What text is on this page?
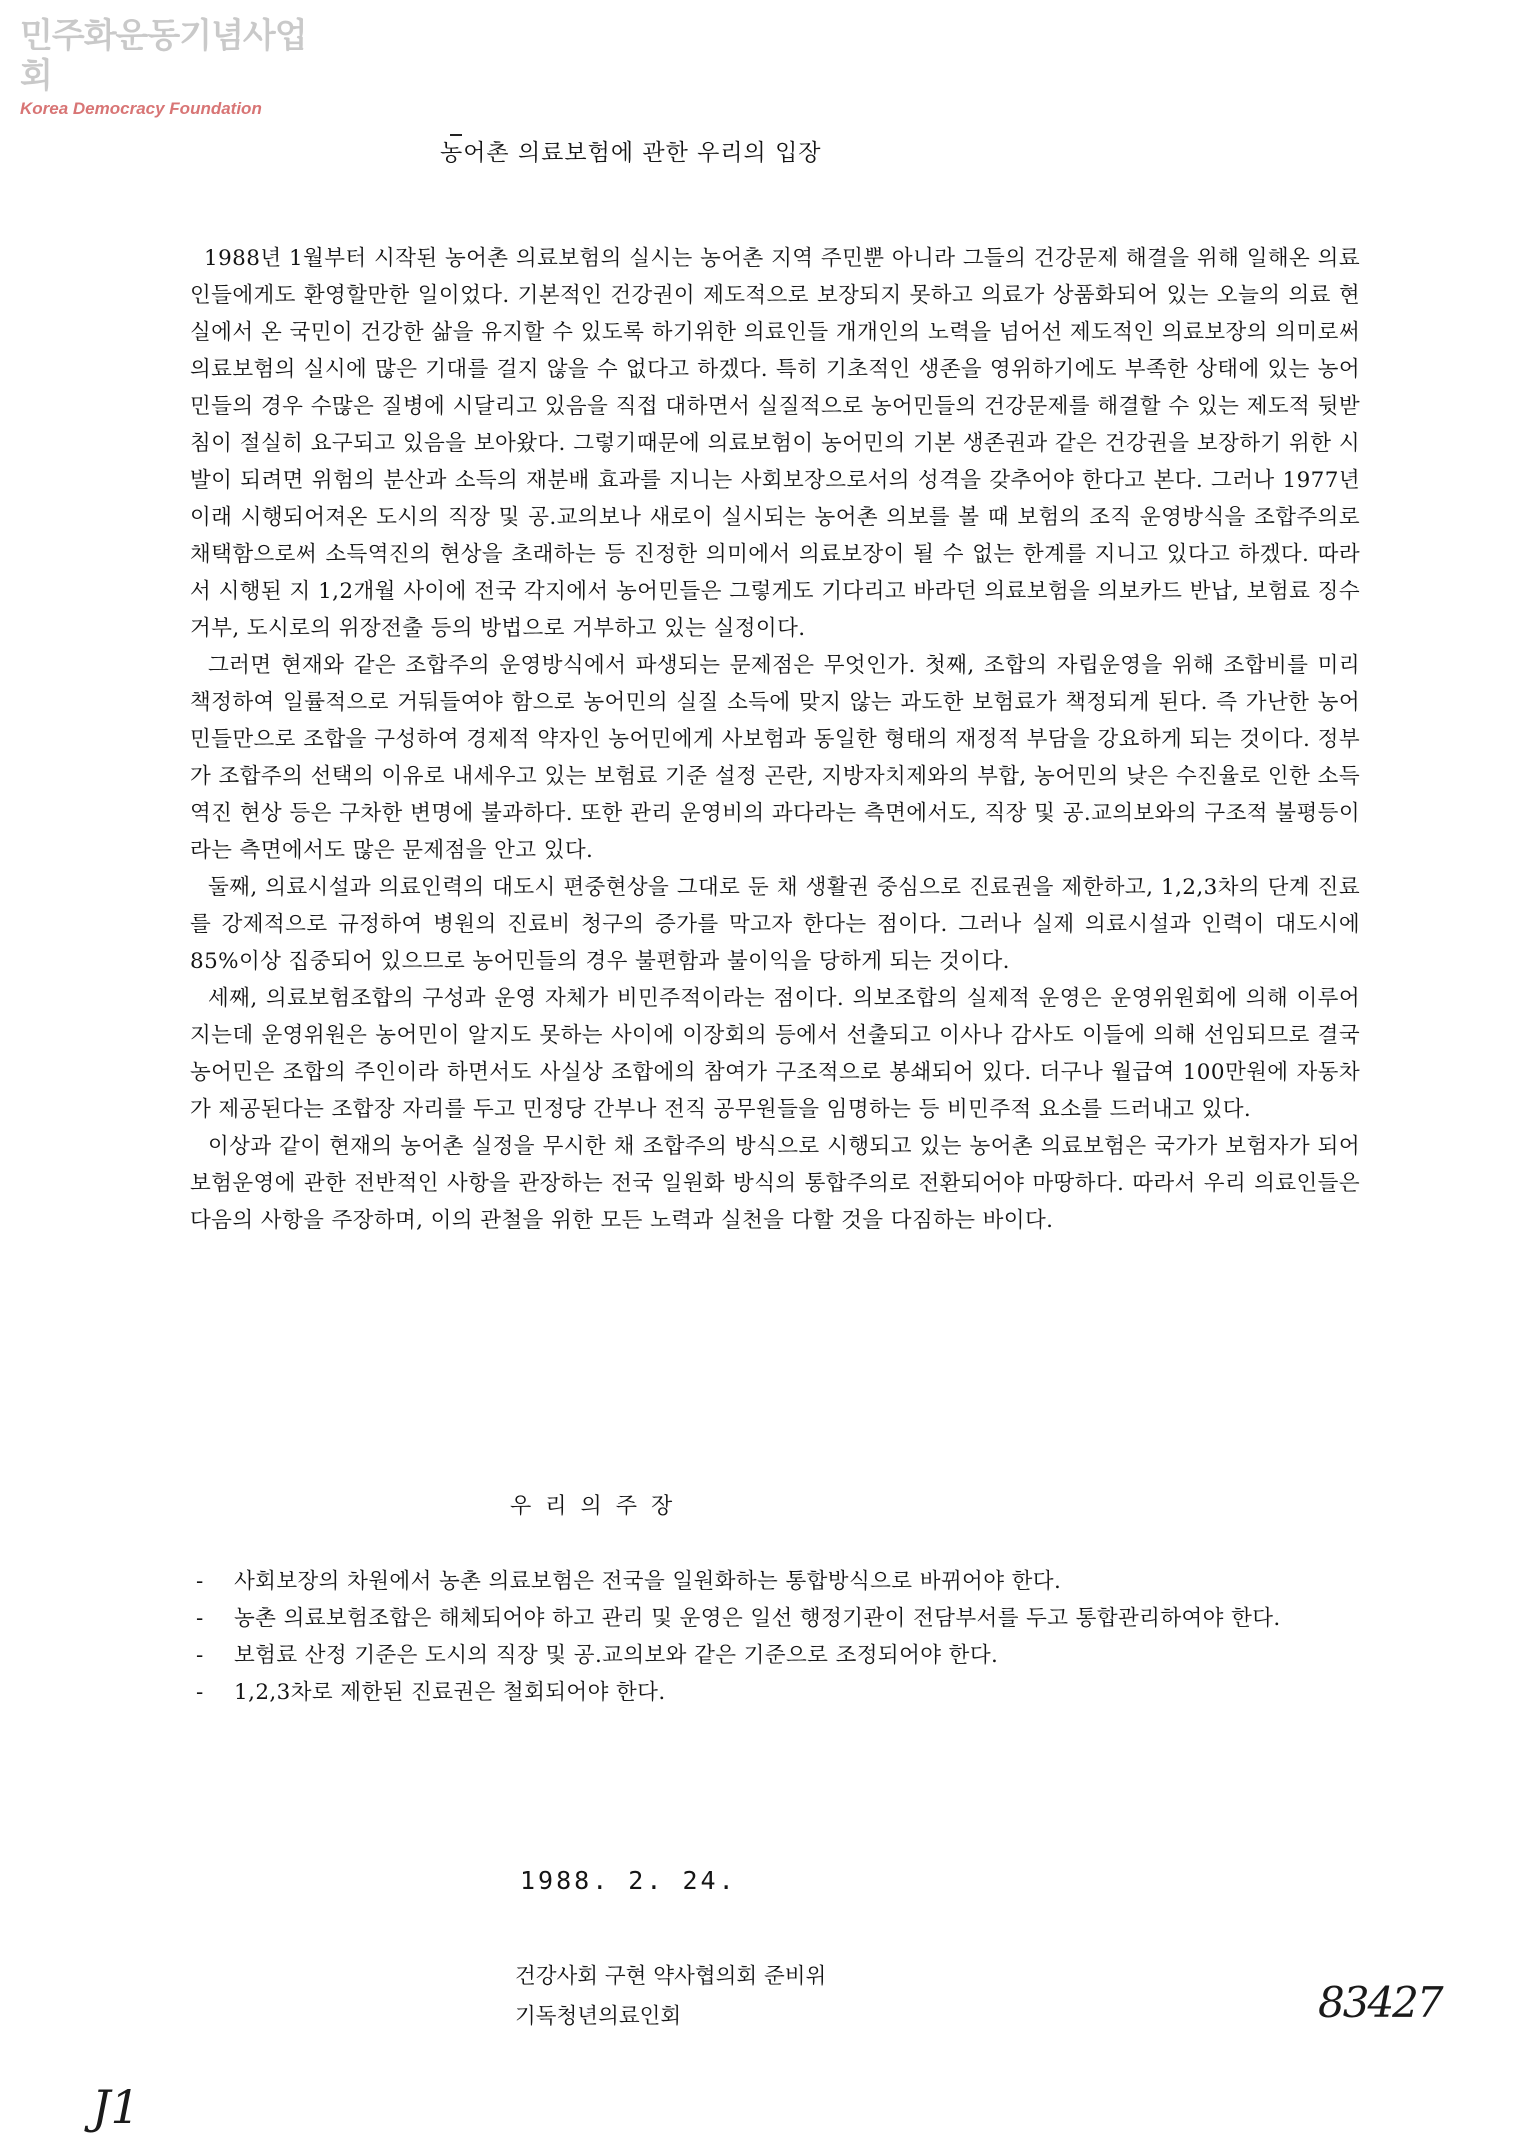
민주화운동기념사업회
Korea Democracy Foundation
농어촌 의료보험에 관한 우리의 입장

1988년 1월부터 시작된 농어촌 의료보험의 실시는 농어촌 지역 주민뿐 아니라 그들의 건강문제 해결을 위해 일해온 의료인들에게도 환영할만한 일이었다. 기본적인 건강권이 제도적으로 보장되지 못하고 의료가 상품화되어 있는 오늘의 의료 현실에서 온 국민이 건강한 삶을 유지할 수 있도록 하기위한 의료인들 개개인의 노력을 넘어선 제도적인 의료보장의 의미로써 의료보험의 실시에 많은 기대를 걸지 않을 수 없다고 하겠다. 특히 기초적인 생존을 영위하기에도 부족한 상태에 있는 농어민들의 경우 수많은 질병에 시달리고 있음을 직접 대하면서 실질적으로 농어민들의 건강문제를 해결할 수 있는 제도적 뒷받침이 절실히 요구되고 있음을 보아왔다. 그렇기때문에 의료보험이 농어민의 기본 생존권과 같은 건강권을 보장하기 위한 시발이 되려면 위험의 분산과 소득의 재분배 효과를 지니는 사회보장으로서의 성격을 갖추어야 한다고 본다. 그러나 1977년 이래 시행되어져온 도시의 직장 및 공.교의보나 새로이 실시되는 농어촌 의보를 볼 때 보험의 조직 운영방식을 조합주의로 채택함으로써 소득역진의 현상을 초래하는 등 진정한 의미에서 의료보장이 될 수 없는 한계를 지니고 있다고 하겠다. 따라서 시행된 지 1,2개월 사이에 전국 각지에서 농어민들은 그렇게도 기다리고 바라던 의료보험을 의보카드 반납, 보험료 징수거부, 도시로의 위장전출 등의 방법으로 거부하고 있는 실정이다.

그러면 현재와 같은 조합주의 운영방식에서 파생되는 문제점은 무엇인가. 첫째, 조합의 자립운영을 위해 조합비를 미리 책정하여 일률적으로 거둬들여야 함으로 농어민의 실질 소득에 맞지 않는 과도한 보험료가 책정되게 된다. 즉 가난한 농어민들만으로 조합을 구성하여 경제적 약자인 농어민에게 사보험과 동일한 형태의 재정적 부담을 강요하게 되는 것이다. 정부가 조합주의 선택의 이유로 내세우고 있는 보험료 기준 설정 곤란, 지방자치제와의 부합, 농어민의 낮은 수진율로 인한 소득역진 현상 등은 구차한 변명에 불과하다. 또한 관리 운영비의 과다라는 측면에서도, 직장 및 공.교의보와의 구조적 불평등이라는 측면에서도 많은 문제점을 안고 있다.

둘째, 의료시설과 의료인력의 대도시 편중현상을 그대로 둔 채 생활권 중심으로 진료권을 제한하고, 1,2,3차의 단계 진료를 강제적으로 규정하여 병원의 진료비 청구의 증가를 막고자 한다는 점이다. 그러나 실제 의료시설과 인력이 대도시에 85%이상 집중되어 있으므로 농어민들의 경우 불편함과 불이익을 당하게 되는 것이다.

세째, 의료보험조합의 구성과 운영 자체가 비민주적이라는 점이다. 의보조합의 실제적 운영은 운영위원회에 의해 이루어지는데 운영위원은 농어민이 알지도 못하는 사이에 이장회의 등에서 선출되고 이사나 감사도 이들에 의해 선임되므로 결국 농어민은 조합의 주인이라 하면서도 사실상 조합에의 참여가 구조적으로 봉쇄되어 있다. 더구나 월급여 100만원에 자동차가 제공된다는 조합장 자리를 두고 민정당 간부나 전직 공무원들을 임명하는 등 비민주적 요소를 드러내고 있다.

이상과 같이 현재의 농어촌 실정을 무시한 채 조합주의 방식으로 시행되고 있는 농어촌 의료보험은 국가가 보험자가 되어 보험운영에 관한 전반적인 사항을 관장하는 전국 일원화 방식의 통합주의로 전환되어야 마땅하다. 따라서 우리 의료인들은 다음의 사항을 주장하며, 이의 관철을 위한 모든 노력과 실천을 다할 것을 다짐하는 바이다.

우리의주장
-	사회보장의 차원에서 농촌 의료보험은 전국을 일원화하는 통합방식으로 바뀌어야 한다.
-	농촌 의료보험조합은 해체되어야 하고 관리 및 운영은 일선 행정기관이 전담부서를 두고 통합관리하여야 한다.
-	보험료 산정 기준은 도시의 직장 및 공.교의보와 같은 기준으로 조정되어야 한다.
-	1,2,3차로 제한된 진료권은 철회되어야 한다.
1988. 2. 24.
건강사회 구현 약사협의회 준비위
기독청년의료인회	83427
J1
